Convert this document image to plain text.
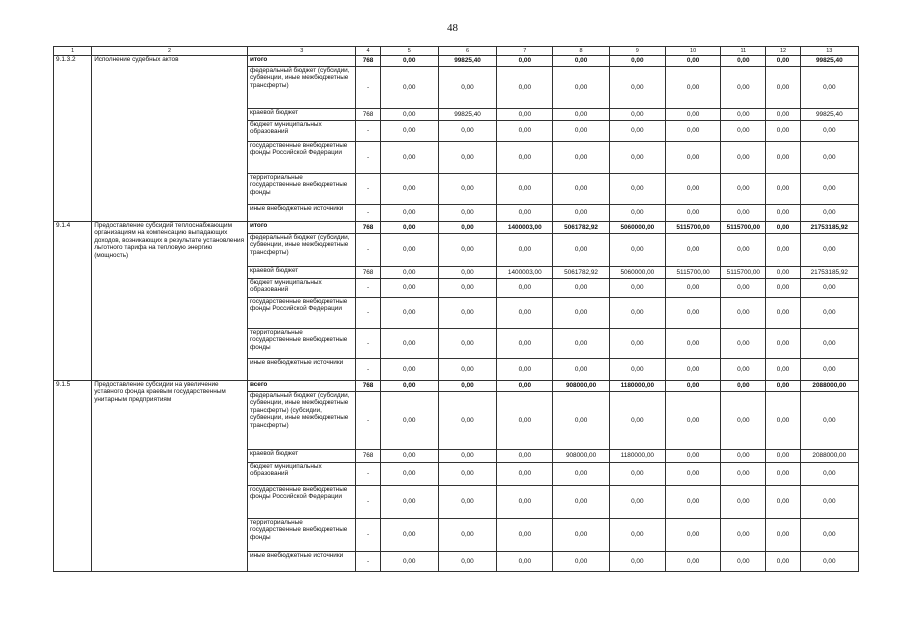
48
1	2	3	4	5	6	7	8	9	10	11	12	13
9.1.3.2	Исполнение судебных актов	итого	768	0,00	99825,40	0,00	0,00	0,00	0,00	0,00	0,00	99825,40
		федеральный бюджет (субсидии, субвенции, иные межбюджетные трансферты)	-	0,00	0,00	0,00	0,00	0,00	0,00	0,00	0,00	0,00
		краевой бюджет	768	0,00	99825,40	0,00	0,00	0,00	0,00	0,00	0,00	99825,40
		бюджет муниципальных образований	-	0,00	0,00	0,00	0,00	0,00	0,00	0,00	0,00	0,00
		государственные внебюджетные фонды Российской Федерации	-	0,00	0,00	0,00	0,00	0,00	0,00	0,00	0,00	0,00
		территориальные государственные внебюджетные фонды	-	0,00	0,00	0,00	0,00	0,00	0,00	0,00	0,00	0,00
		иные внебюджетные источники	-	0,00	0,00	0,00	0,00	0,00	0,00	0,00	0,00	0,00
9.1.4	Предоставление субсидий теплоснабжающим организациям на компенсацию выпадающих доходов, возникающих в результате установления льготного тарифа на тепловую энергию (мощность)	итого	768	0,00	0,00	1400003,00	5061782,92	5060000,00	5115700,00	5115700,00	0,00	21753185,92
		федеральный бюджет (субсидии, субвенции, иные межбюджетные трансферты)	-	0,00	0,00	0,00	0,00	0,00	0,00	0,00	0,00	0,00
		краевой бюджет	768	0,00	0,00	1400003,00	5061782,92	5060000,00	5115700,00	5115700,00	0,00	21753185,92
		бюджет муниципальных образований	-	0,00	0,00	0,00	0,00	0,00	0,00	0,00	0,00	0,00
		государственные внебюджетные фонды Российской Федерации	-	0,00	0,00	0,00	0,00	0,00	0,00	0,00	0,00	0,00
		территориальные государственные внебюджетные фонды	-	0,00	0,00	0,00	0,00	0,00	0,00	0,00	0,00	0,00
		иные внебюджетные источники	-	0,00	0,00	0,00	0,00	0,00	0,00	0,00	0,00	0,00
9.1.5	Предоставление субсидии на увеличение уставного фонда краевым государственным унитарным предприятиям	всего	768	0,00	0,00	0,00	908000,00	1180000,00	0,00	0,00	0,00	2088000,00
		федеральный бюджет (субсидии, субвенции, иные межбюджетные трансферты) (субсидии, субвенции, иные межбюджетные трансферты)	-	0,00	0,00	0,00	0,00	0,00	0,00	0,00	0,00	0,00
		краевой бюджет	768	0,00	0,00	0,00	908000,00	1180000,00	0,00	0,00	0,00	2088000,00
		бюджет муниципальных образований	-	0,00	0,00	0,00	0,00	0,00	0,00	0,00	0,00	0,00
		государственные внебюджетные фонды Российской Федерации	-	0,00	0,00	0,00	0,00	0,00	0,00	0,00	0,00	0,00
		территориальные государственные внебюджетные фонды	-	0,00	0,00	0,00	0,00	0,00	0,00	0,00	0,00	0,00
		иные внебюджетные источники	-	0,00	0,00	0,00	0,00	0,00	0,00	0,00	0,00	0,00
